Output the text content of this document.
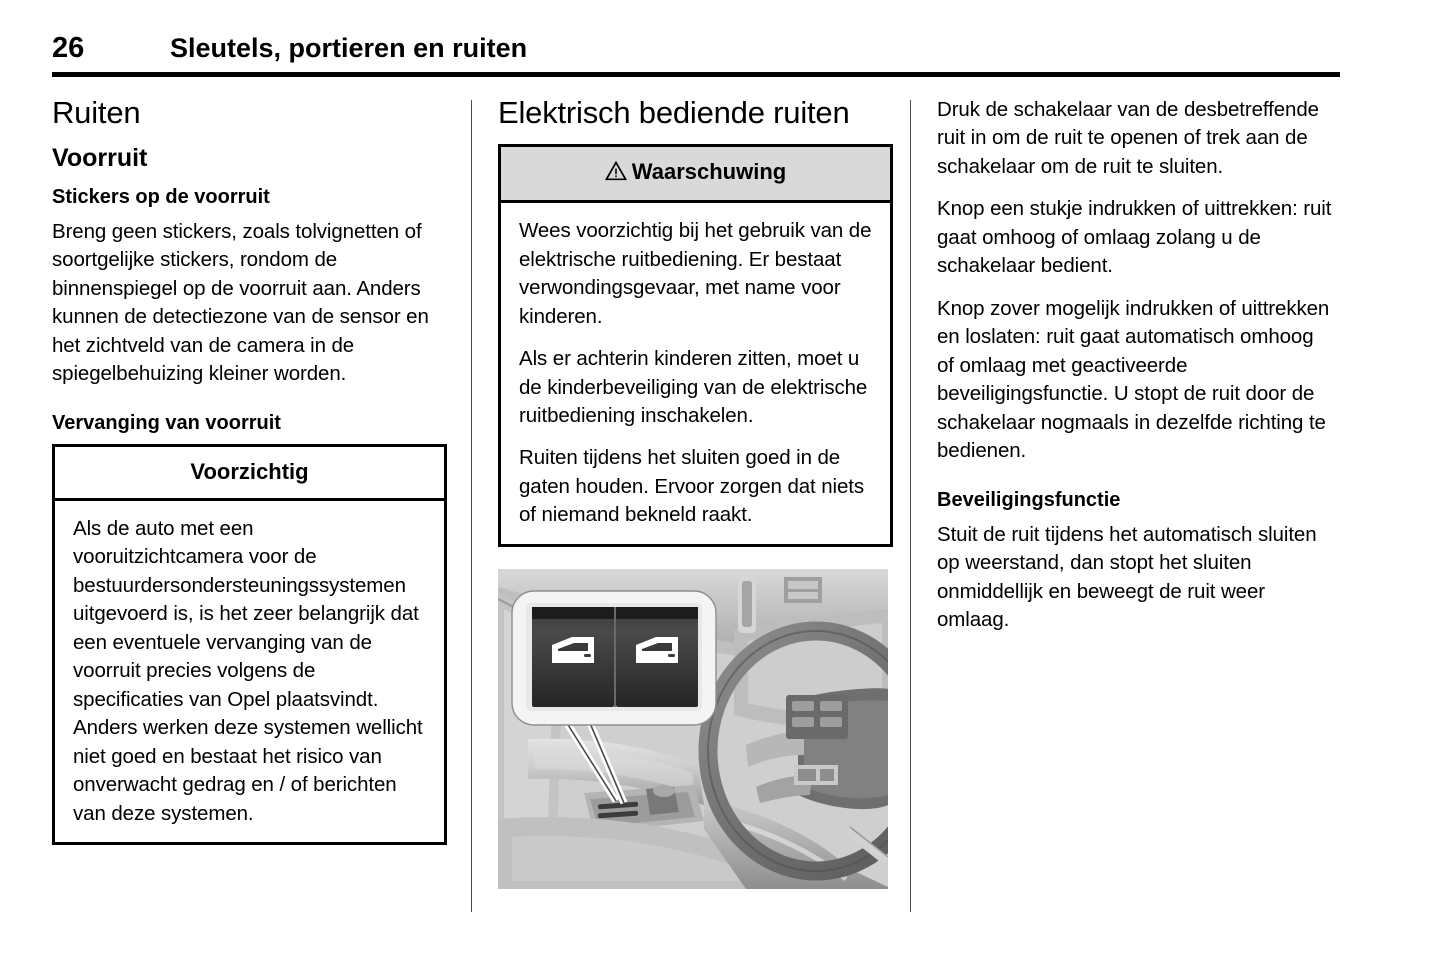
26	Sleutels, portieren en ruiten
Ruiten
Voorruit
Stickers op de voorruit

Breng geen stickers, zoals tolvignetten of soortgelijke stickers, rondom de binnenspiegel op de voorruit aan. Anders kunnen de detectiezone van de sensor en het zichtveld van de camera in de spiegelbehuizing kleiner worden.

Vervanging van voorruit
Voorzichtig

Als de auto met een vooruitzichtcamera voor de bestuurdersondersteuningssystemen uitgevoerd is, is het zeer belangrijk dat een eventuele vervanging van de voorruit precies volgens de specificaties van Opel plaatsvindt. Anders werken deze systemen wellicht niet goed en bestaat het risico van onverwacht gedrag en / of berichten van deze systemen.

Elektrisch bediende ruiten
Waarschuwing

Wees voorzichtig bij het gebruik van de elektrische ruitbediening. Er bestaat verwondingsgevaar, met name voor kinderen.

Als er achterin kinderen zitten, moet u de kinderbeveiliging van de elektrische ruitbediening inschakelen.

Ruiten tijdens het sluiten goed in de gaten houden. Ervoor zorgen dat niets of niemand bekneld raakt.

Druk de schakelaar van de desbetreffende ruit in om de ruit te openen of trek aan de schakelaar om de ruit te sluiten.

Knop een stukje indrukken of uittrekken: ruit gaat omhoog of omlaag zolang u de schakelaar bedient.

Knop zover mogelijk indrukken of uittrekken en loslaten: ruit gaat automatisch omhoog of omlaag met geactiveerde beveiligingsfunctie. U stopt de ruit door de schakelaar nogmaals in dezelfde richting te bedienen.

Beveiligingsfunctie

Stuit de ruit tijdens het automatisch sluiten op weerstand, dan stopt het sluiten onmiddellijk en beweegt de ruit weer omlaag.
